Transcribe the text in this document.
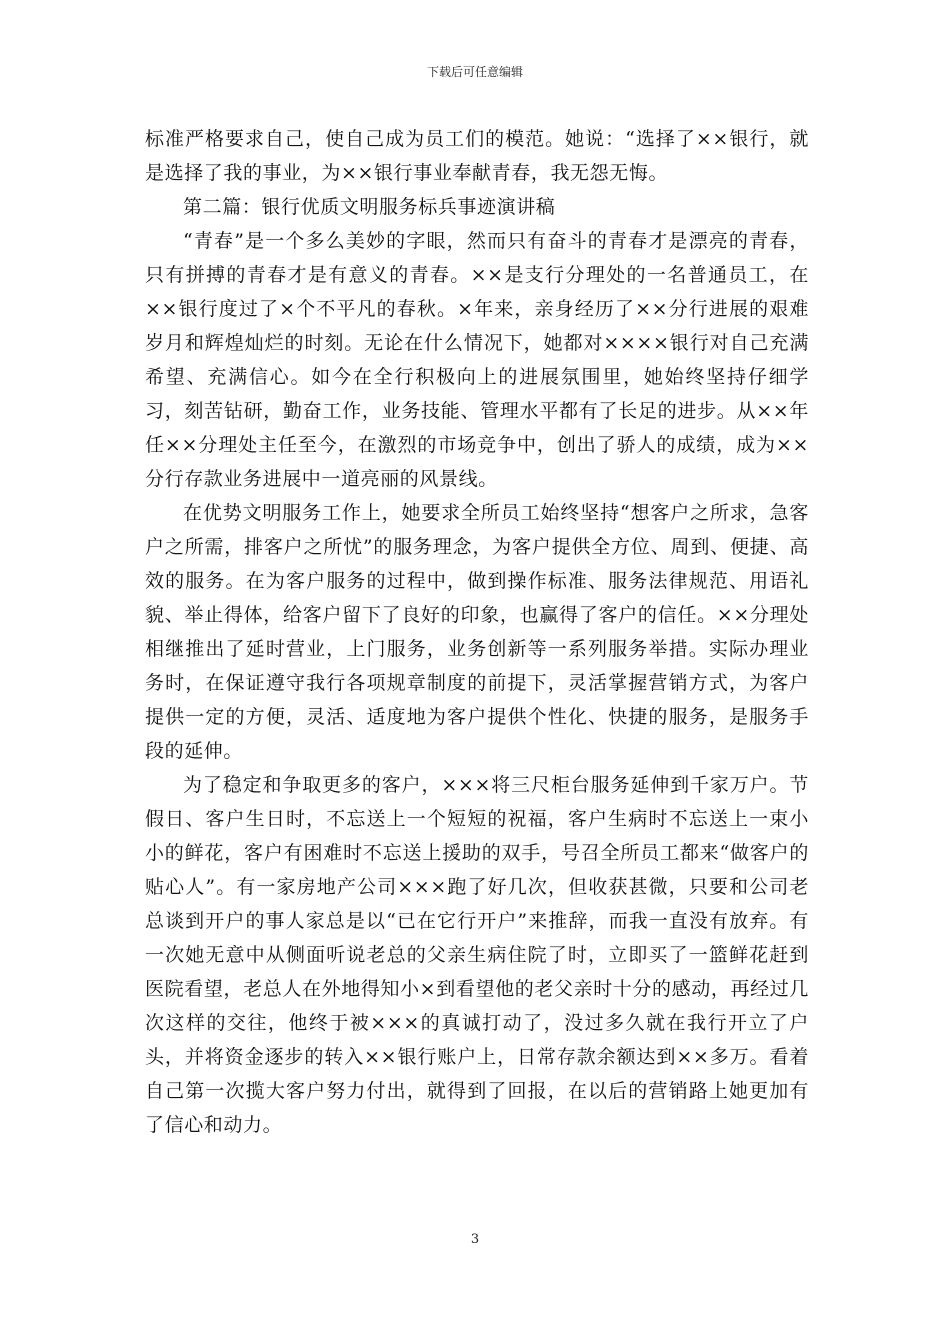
下载后可任意编辑

标准严格要求自己，使自己成为员工们的模范。她说：“选择了××银行，就是选择了我的事业，为××银行事业奉献青春，我无怨无悔。

第二篇：银行优质文明服务标兵事迹演讲稿

“青春”是一个多么美妙的字眼，然而只有奋斗的青春才是漂亮的青春，只有拼搏的青春才是有意义的青春。××是支行分理处的一名普通员工，在××银行度过了×个不平凡的春秋。×年来，亲身经历了××分行进展的艰难岁月和辉煌灿烂的时刻。无论在什么情况下，她都对××××银行对自己充满希望、充满信心。如今在全行积极向上的进展氛围里，她始终坚持仔细学习，刻苦钻研，勤奋工作，业务技能、管理水平都有了长足的进步。从××年任××分理处主任至今，在激烈的市场竞争中，创出了骄人的成绩，成为××分行存款业务进展中一道亮丽的风景线。

在优势文明服务工作上，她要求全所员工始终坚持“想客户之所求，急客户之所需，排客户之所忧”的服务理念，为客户提供全方位、周到、便捷、高效的服务。在为客户服务的过程中，做到操作标准、服务法律规范、用语礼貌、举止得体，给客户留下了良好的印象，也赢得了客户的信任。××分理处相继推出了延时营业，上门服务，业务创新等一系列服务举措。实际办理业务时，在保证遵守我行各项规章制度的前提下，灵活掌握营销方式，为客户提供一定的方便，灵活、适度地为客户提供个性化、快捷的服务，是服务手段的延伸。

为了稳定和争取更多的客户，×××将三尺柜台服务延伸到千家万户。节假日、客户生日时，不忘送上一个短短的祝福，客户生病时不忘送上一束小小的鲜花，客户有困难时不忘送上援助的双手，号召全所员工都来“做客户的贴心人”。有一家房地产公司×××跑了好几次，但收获甚微，只要和公司老总谈到开户的事人家总是以“已在它行开户”来推辞，而我一直没有放弃。有一次她无意中从侧面听说老总的父亲生病住院了时，立即买了一篮鲜花赶到医院看望，老总人在外地得知小×到看望他的老父亲时十分的感动，再经过几次这样的交往，他终于被×××的真诚打动了，没过多久就在我行开立了户头，并将资金逐步的转入××银行账户上，日常存款余额达到××多万。看着自己第一次揽大客户努力付出，就得到了回报，在以后的营销路上她更加有了信心和动力。

3
